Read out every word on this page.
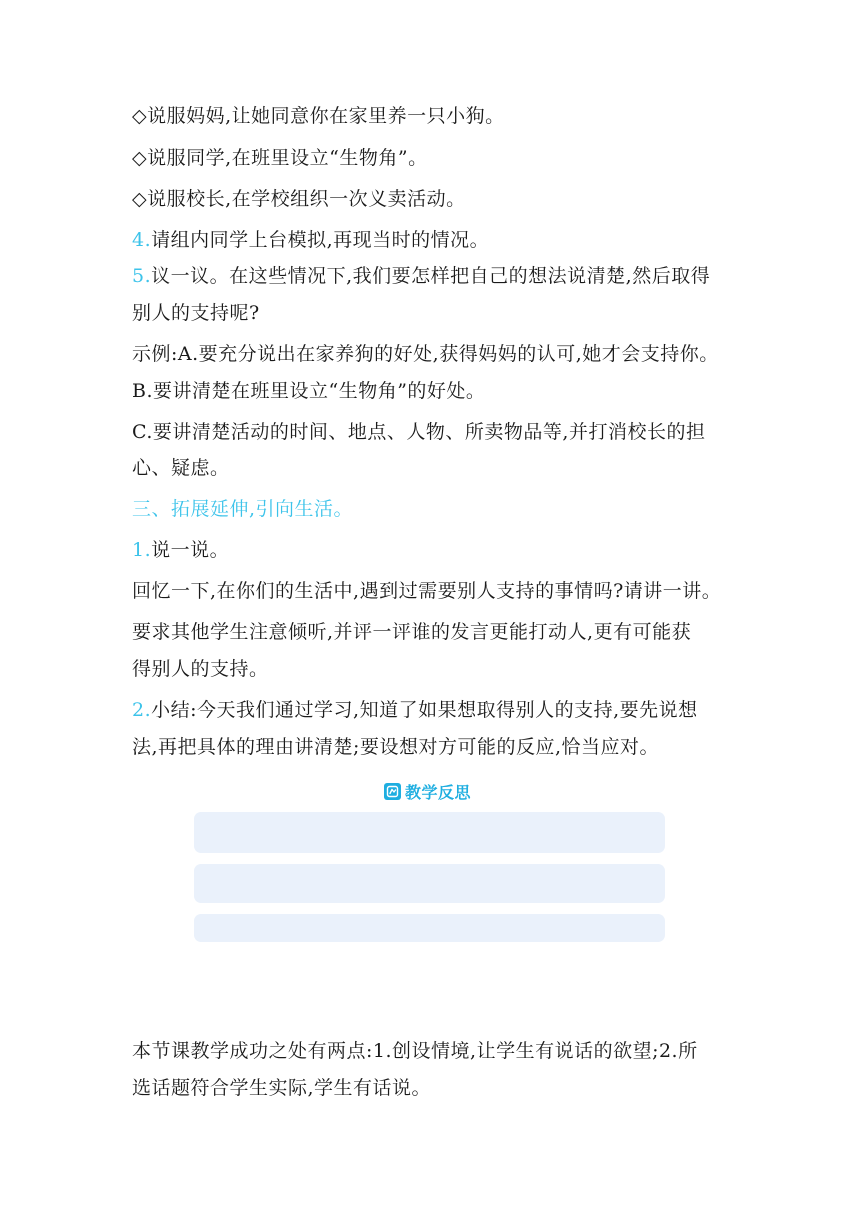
◇说服妈妈,让她同意你在家里养一只小狗。
◇说服同学,在班里设立“生物角”。
◇说服校长,在学校组织一次义卖活动。
4.请组内同学上台模拟,再现当时的情况。
5.议一议。在这些情况下,我们要怎样把自己的想法说清楚,然后取得
别人的支持呢?
示例:A.要充分说出在家养狗的好处,获得妈妈的认可,她才会支持你。
B.要讲清楚在班里设立“生物角”的好处。
C.要讲清楚活动的时间、地点、人物、所卖物品等,并打消校长的担
心、疑虑。
三、拓展延伸,引向生活。
1.说一说。
回忆一下,在你们的生活中,遇到过需要别人支持的事情吗?请讲一讲。
要求其他学生注意倾听,并评一评谁的发言更能打动人,更有可能获
得别人的支持。
2.小结:今天我们通过学习,知道了如果想取得别人的支持,要先说想
法,再把具体的理由讲清楚;要设想对方可能的反应,恰当应对。
教学反思
本节课教学成功之处有两点:1.创设情境,让学生有说话的欲望;2.所
选话题符合学生实际,学生有话说。
